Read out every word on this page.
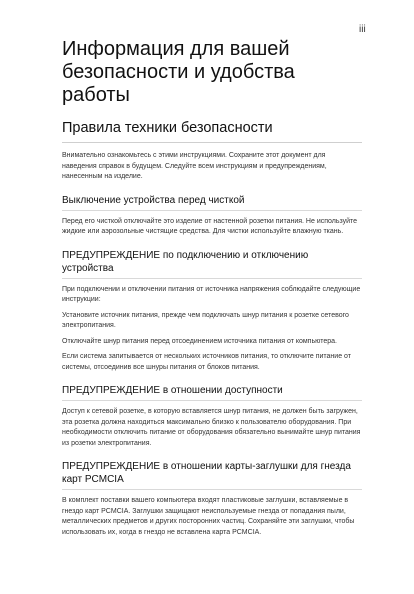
iii
Информация для вашей безопасности и удобства работы
Правила техники безопасности

Внимательно ознакомьтесь с этими инструкциями. Сохраните этот документ для наведения справок в будущем. Следуйте всем инструкциям и предупреждениям, нанесенным на изделие.

Выключение устройства перед чисткой

Перед его чисткой отключайте это изделие от настенной розетки питания. Не используйте жидкие или аэрозольные чистящие средства. Для чистки используйте влажную ткань.

ПРЕДУПРЕЖДЕНИЕ по подключению и отключению устройства

При подключении и отключении питания от источника напряжения соблюдайте следующие инструкции:

Установите источник питания, прежде чем подключать шнур питания к розетке сетевого электропитания.

Отключайте шнур питания перед отсоединением источника питания от компьютера.

Если система запитывается от нескольких источников питания, то отключите питание от системы, отсоединив все шнуры питания от блоков питания.

ПРЕДУПРЕЖДЕНИЕ в отношении доступности

Доступ к сетевой розетке, в которую вставляется шнур питания, не должен быть загружен, эта розетка должна находиться максимально близко к пользователю оборудования. При необходимости отключить питание от оборудования обязательно вынимайте шнур питания из розетки электропитания.

ПРЕДУПРЕЖДЕНИЕ в отношении карты-заглушки для гнезда карт PCMCIA

В комплект поставки вашего компьютера входят пластиковые заглушки, вставляемые в гнездо карт PCMCIA. Заглушки защищают неиспользуемые гнезда от попадания пыли, металлических предметов и других посторонних частиц. Сохраняйте эти заглушки, чтобы использовать их, когда в гнездо не вставлена карта PCMCIA.
